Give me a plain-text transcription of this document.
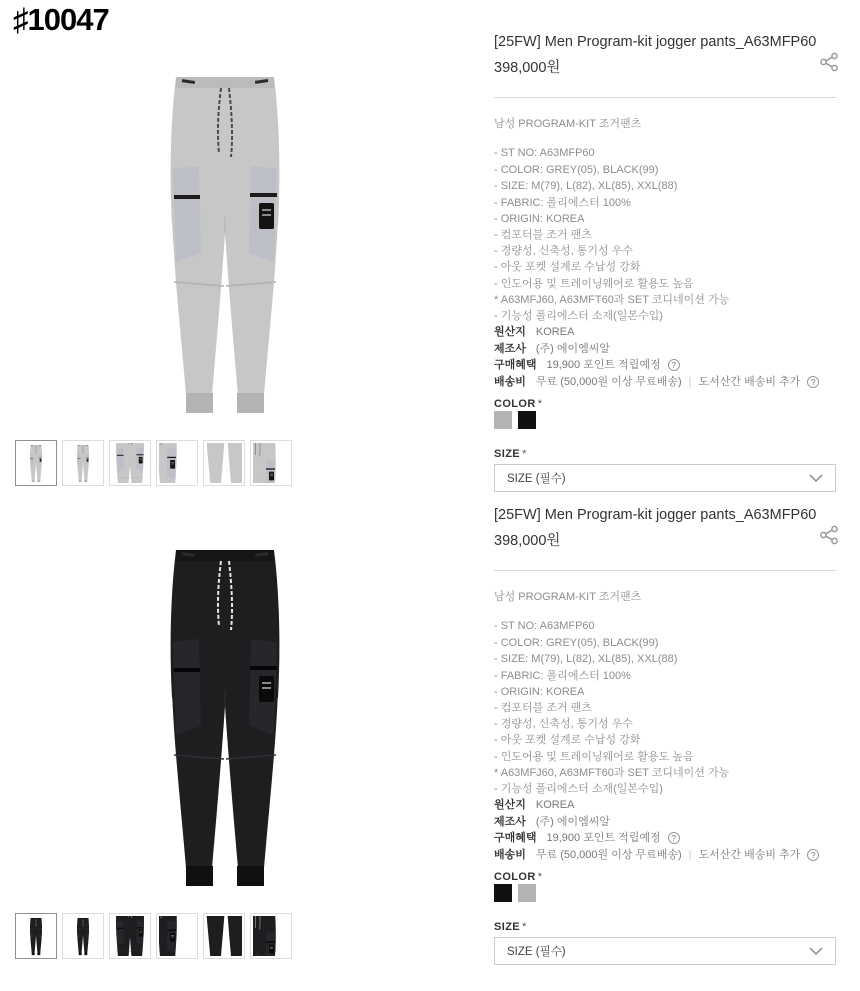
♯10047
[25FW] Men Program-kit jogger pants_A63MFP60
398,000원
남성 PROGRAM-KIT 조거팬츠
- ST NO: A63MFP60
- COLOR: GREY(05), BLACK(99)
- SIZE: M(79), L(82), XL(85), XXL(88)
- FABRIC: 폴리에스터 100%
- ORIGIN: KOREA
- 컴포터블 조거 팬츠
- 경량성, 신축성, 통기성 우수
- 아웃 포켓 설계로 수납성 강화
- 인도어용 및 트레이닝웨어로 활용도 높음
* A63MFJ60, A63MFT60과 SET 코디네이션 가능
- 기능성 폴리에스터 소재(일본수입)
원산지 KOREA
제조사 (주) 에이엠씨알
구매혜택 19,900 포인트 적립예정	?
배송비 무료 (50,000원 이상 무료배송) | 도서산간 배송비 추가	?
COLOR *
SIZE *
SIZE (필수)
[25FW] Men Program-kit jogger pants_A63MFP60
398,000원
남성 PROGRAM-KIT 조거팬츠
- ST NO: A63MFP60
- COLOR: GREY(05), BLACK(99)
- SIZE: M(79), L(82), XL(85), XXL(88)
- FABRIC: 폴리에스터 100%
- ORIGIN: KOREA
- 컴포터블 조거 팬츠
- 경량성, 신축성, 통기성 우수
- 아웃 포켓 설계로 수납성 강화
- 인도어용 및 트레이닝웨어로 활용도 높음
* A63MFJ60, A63MFT60과 SET 코디네이션 가능
- 기능성 폴리에스터 소재(일본수입)
원산지 KOREA
제조사 (주) 에이엠씨알
구매혜택 19,900 포인트 적립예정	?
배송비 무료 (50,000원 이상 무료배송) | 도서산간 배송비 추가	?
COLOR *
SIZE *
SIZE (필수)
